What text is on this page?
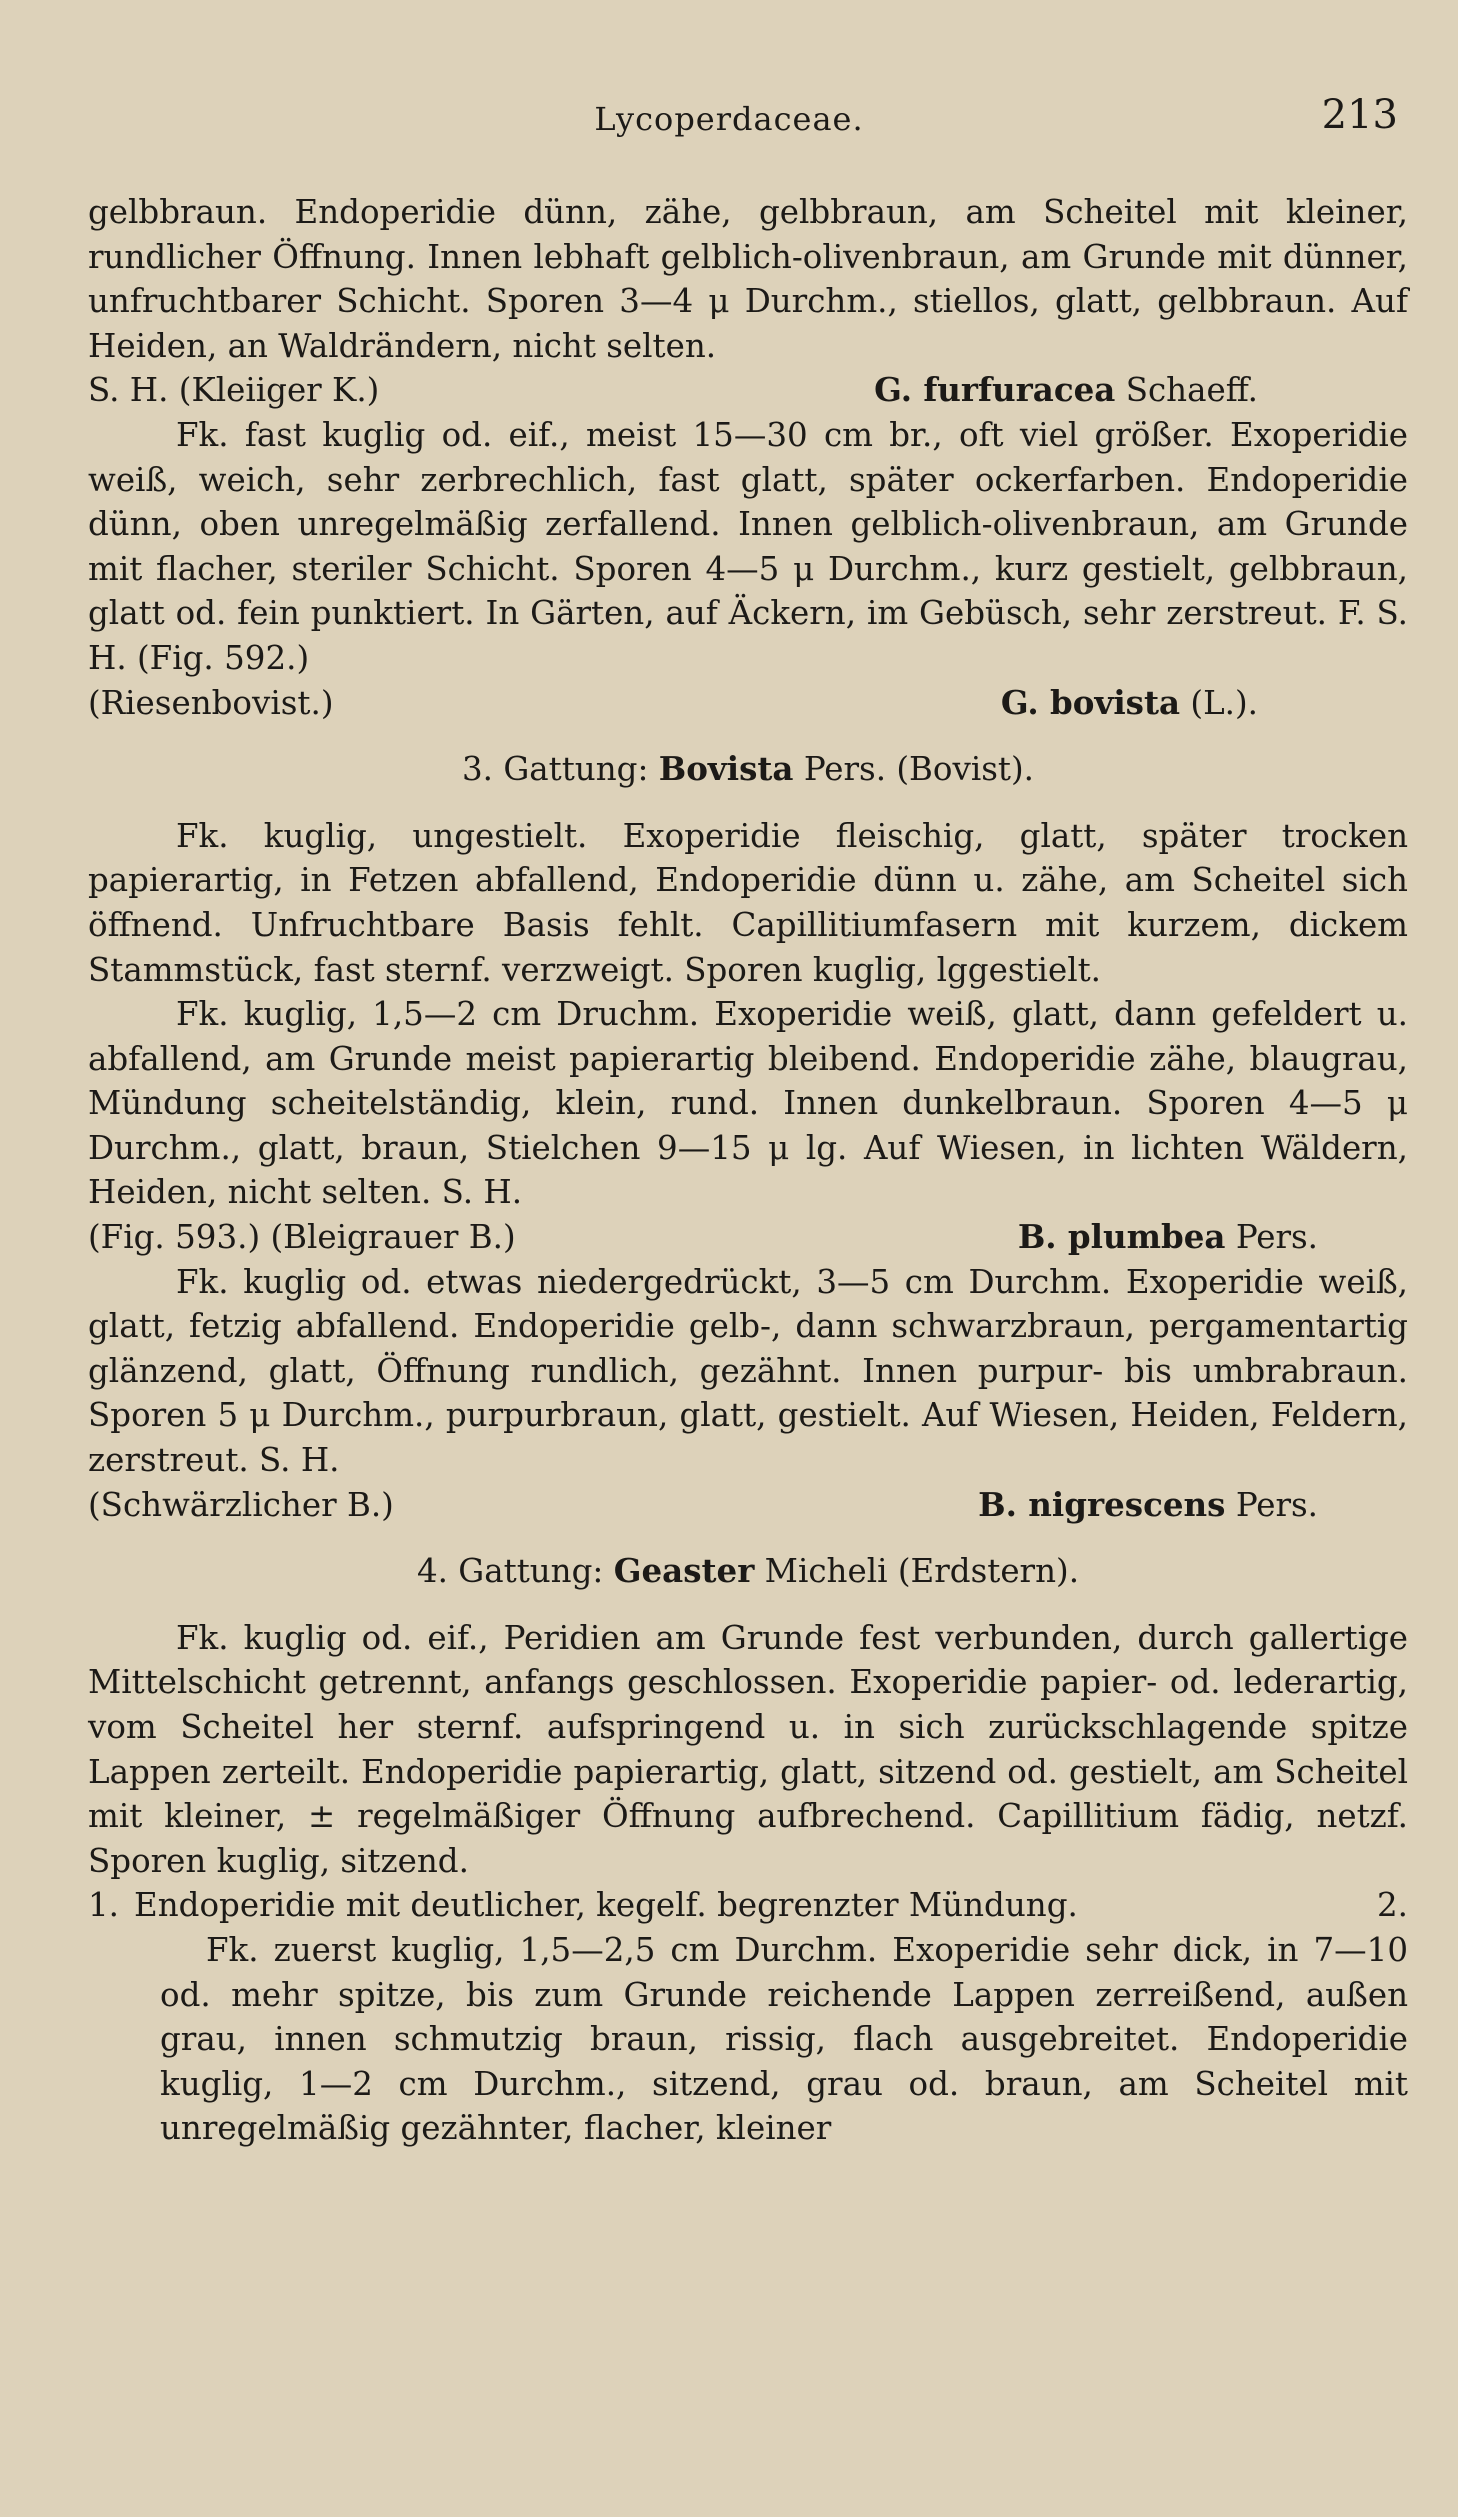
Lycoperdaceae.	213

gelbbraun. Endoperidie dünn, zähe, gelbbraun, am Scheitel mit kleiner, rundlicher Öffnung. Innen lebhaft gelblich-olivenbraun, am Grunde mit dünner, unfruchtbarer Schicht. Sporen 3—4 μ Durchm., stiellos, glatt, gelbbraun. Auf Heiden, an Waldrändern, nicht selten.

S. H. (Kleiiger K.)	G. furfuracea Schaeff.

Fk. fast kuglig od. eif., meist 15—30 cm br., oft viel größer. Exoperidie weiß, weich, sehr zerbrechlich, fast glatt, später ockerfarben. Endoperidie dünn, oben unregelmäßig zerfallend. Innen gelblich-olivenbraun, am Grunde mit flacher, steriler Schicht. Sporen 4—5 μ Durchm., kurz gestielt, gelbbraun, glatt od. fein punktiert. In Gärten, auf Äckern, im Gebüsch, sehr zerstreut. F. S. H. (Fig. 592.)

(Riesenbovist.)	G. bovista (L.).

3. Gattung: Bovista Pers. (Bovist).

Fk. kuglig, ungestielt. Exoperidie fleischig, glatt, später trocken papierartig, in Fetzen abfallend, Endoperidie dünn u. zähe, am Scheitel sich öffnend. Unfruchtbare Basis fehlt. Capillitiumfasern mit kurzem, dickem Stammstück, fast sternf. verzweigt. Sporen kuglig, lggestielt.

Fk. kuglig, 1,5—2 cm Druchm. Exoperidie weiß, glatt, dann gefeldert u. abfallend, am Grunde meist papierartig bleibend. Endoperidie zähe, blaugrau, Mündung scheitelständig, klein, rund. Innen dunkelbraun. Sporen 4—5 μ Durchm., glatt, braun, Stielchen 9—15 μ lg. Auf Wiesen, in lichten Wäldern, Heiden, nicht selten. S. H.

(Fig. 593.) (Bleigrauer B.)	B. plumbea Pers.

Fk. kuglig od. etwas niedergedrückt, 3—5 cm Durchm. Exoperidie weiß, glatt, fetzig abfallend. Endoperidie gelb-, dann schwarzbraun, pergamentartig glänzend, glatt, Öffnung rundlich, gezähnt. Innen purpur- bis umbrabraun. Sporen 5 μ Durchm., purpurbraun, glatt, gestielt. Auf Wiesen, Heiden, Feldern, zerstreut. S. H.

(Schwärzlicher B.)	B. nigrescens Pers.

4. Gattung: Geaster Micheli (Erdstern).

Fk. kuglig od. eif., Peridien am Grunde fest verbunden, durch gallertige Mittelschicht getrennt, anfangs geschlossen. Exoperidie papier- od. lederartig, vom Scheitel her sternf. aufspringend u. in sich zurückschlagende spitze Lappen zerteilt. Endoperidie papierartig, glatt, sitzend od. gestielt, am Scheitel mit kleiner, ± regelmäßiger Öffnung aufbrechend. Capillitium fädig, netzf. Sporen kuglig, sitzend.

1. Endoperidie mit deutlicher, kegelf. begrenzter Mündung.	2.

Fk. zuerst kuglig, 1,5—2,5 cm Durchm. Exoperidie sehr dick, in 7—10 od. mehr spitze, bis zum Grunde reichende Lappen zerreißend, außen grau, innen schmutzig braun, rissig, flach ausgebreitet. Endoperidie kuglig, 1—2 cm Durchm., sitzend, grau od. braun, am Scheitel mit unregelmäßig gezähnter, flacher, kleiner
